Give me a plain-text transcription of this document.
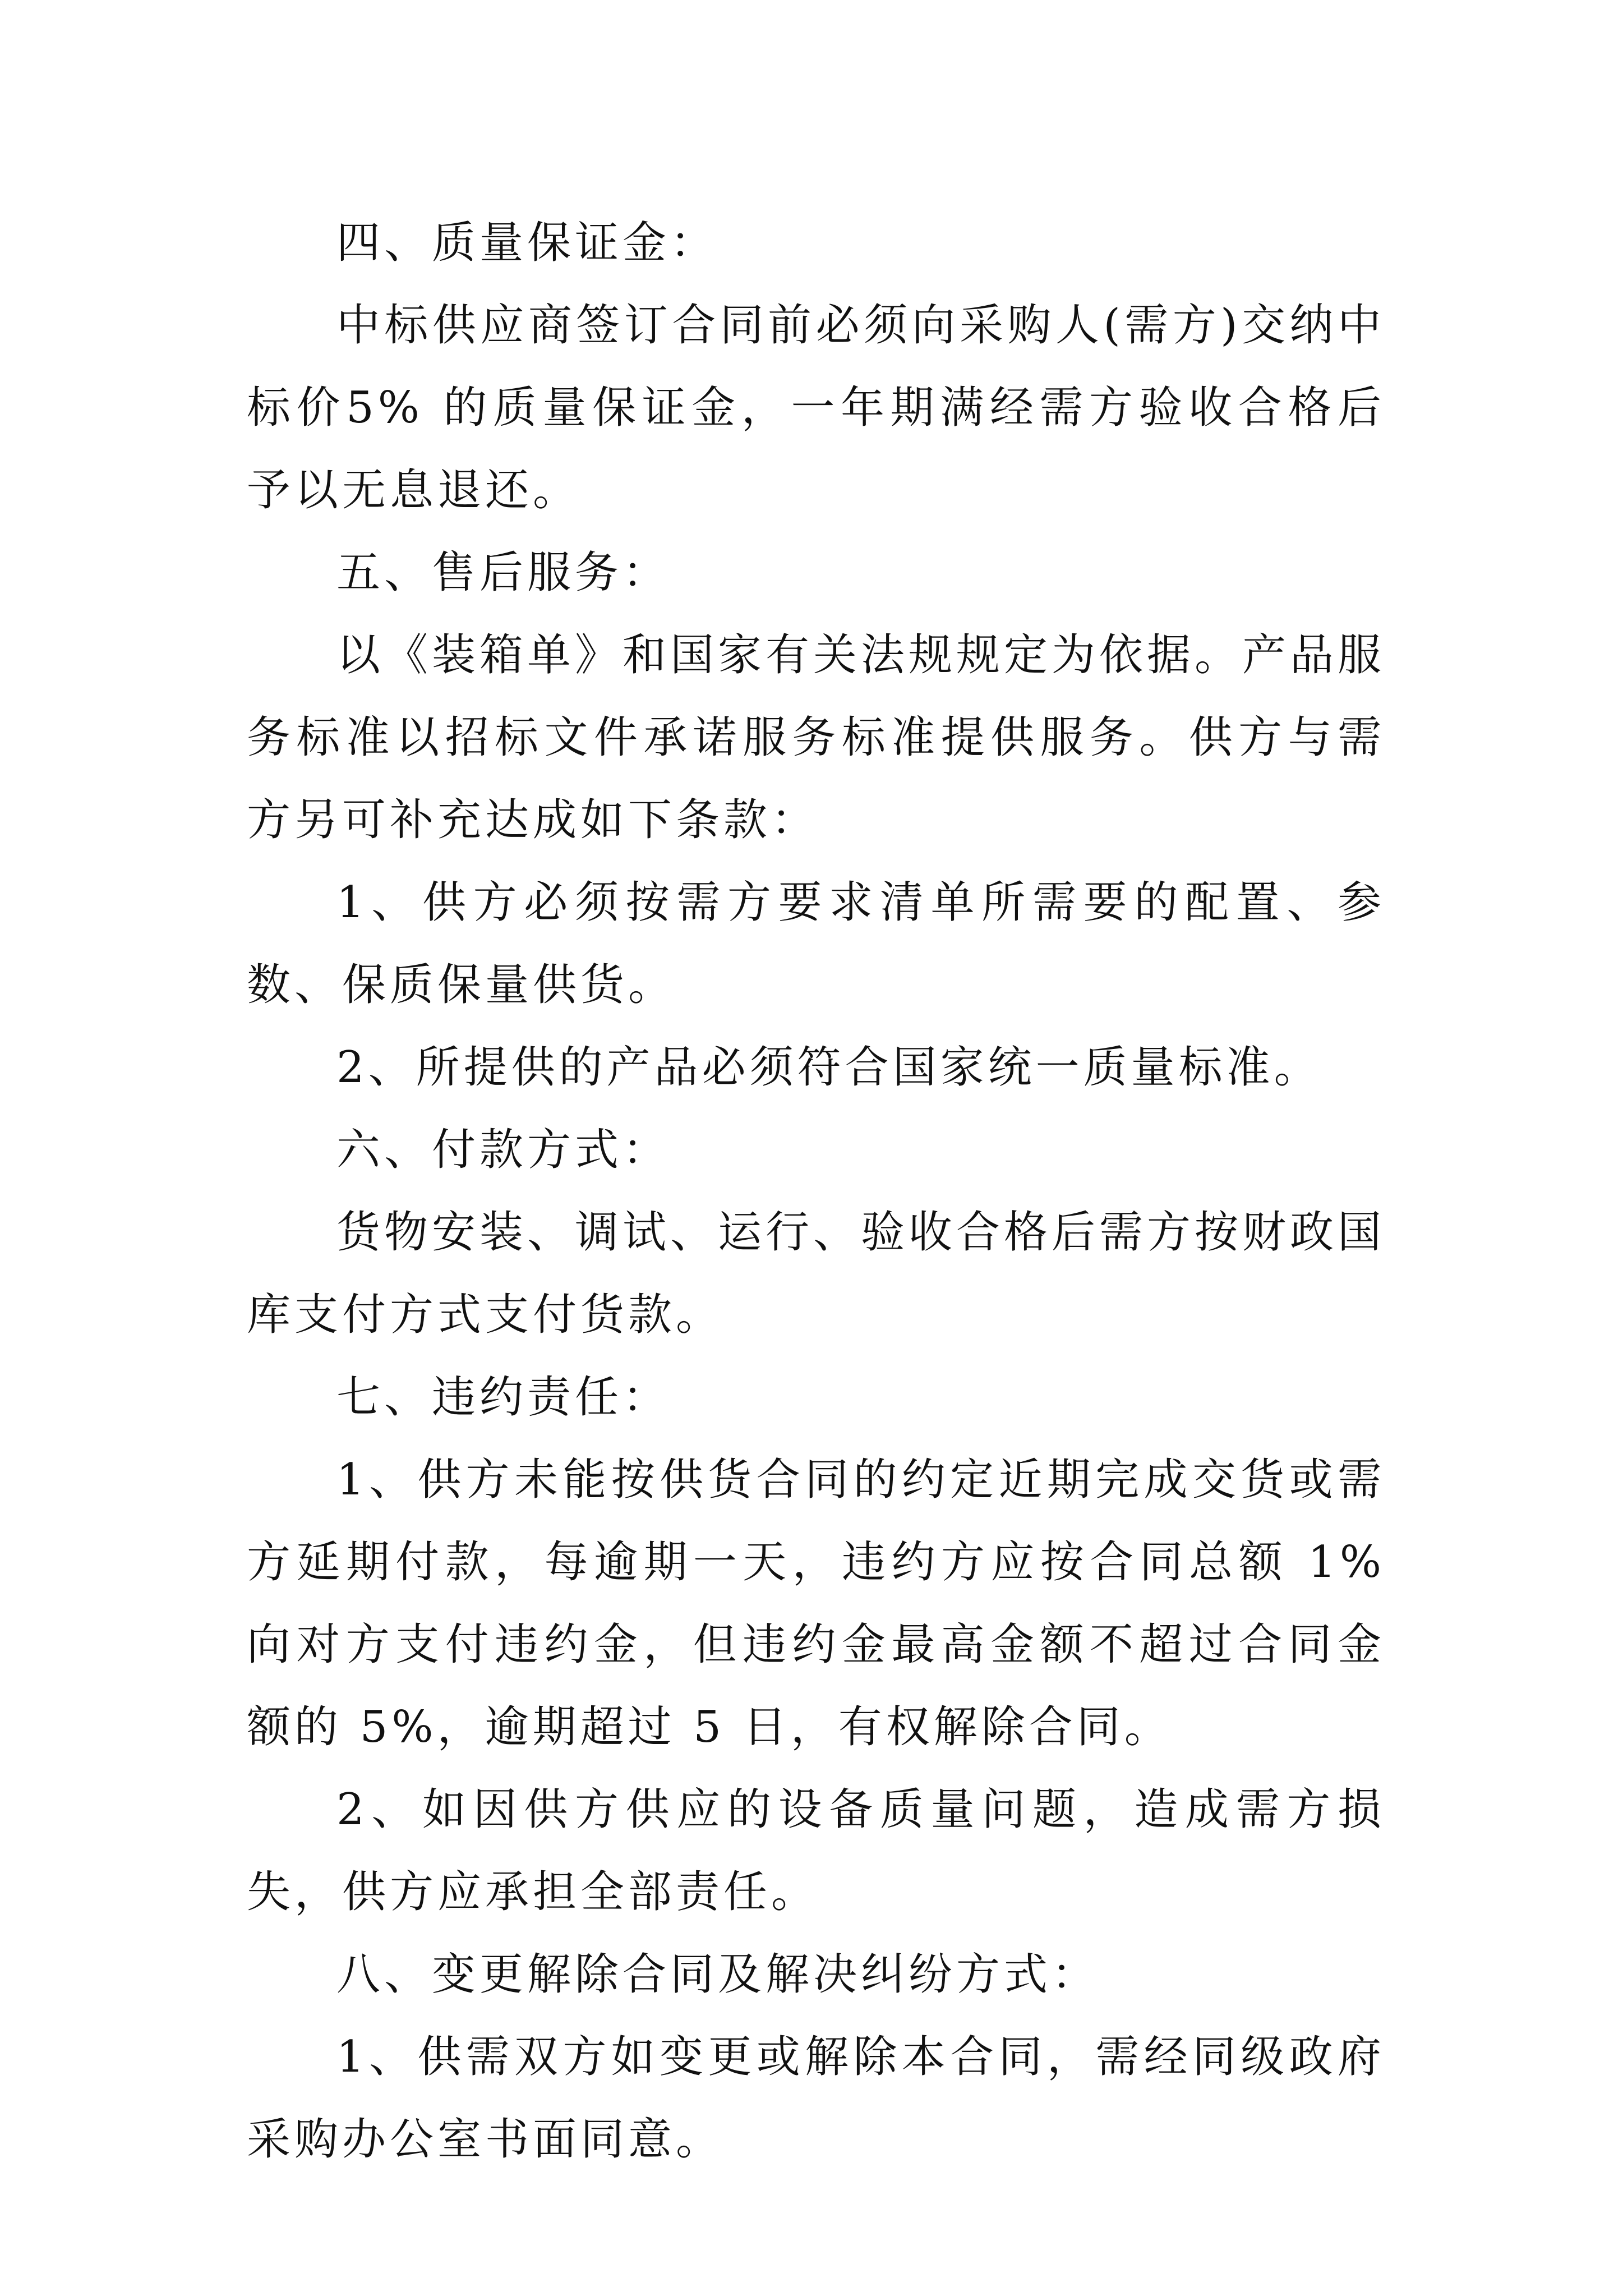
四、质量保证金：

中标供应商签订合同前必须向采购人(需方)交纳中标价5% 的质量保证金，一年期满经需方验收合格后予以无息退还。

五、售后服务：

以《装箱单》和国家有关法规规定为依据。产品服务标准以招标文件承诺服务标准提供服务。供方与需方另可补充达成如下条款：

1、供方必须按需方要求清单所需要的配置、参数、保质保量供货。

2、所提供的产品必须符合国家统一质量标准。

六、付款方式：

货物安装、调试、运行、验收合格后需方按财政国库支付方式支付货款。

七、违约责任：

1、供方未能按供货合同的约定近期完成交货或需方延期付款，每逾期一天，违约方应按合同总额 1%向对方支付违约金，但违约金最高金额不超过合同金额的 5%，逾期超过 5 日，有权解除合同。

2、如因供方供应的设备质量问题，造成需方损失，供方应承担全部责任。

八、变更解除合同及解决纠纷方式：

1、供需双方如变更或解除本合同，需经同级政府采购办公室书面同意。
